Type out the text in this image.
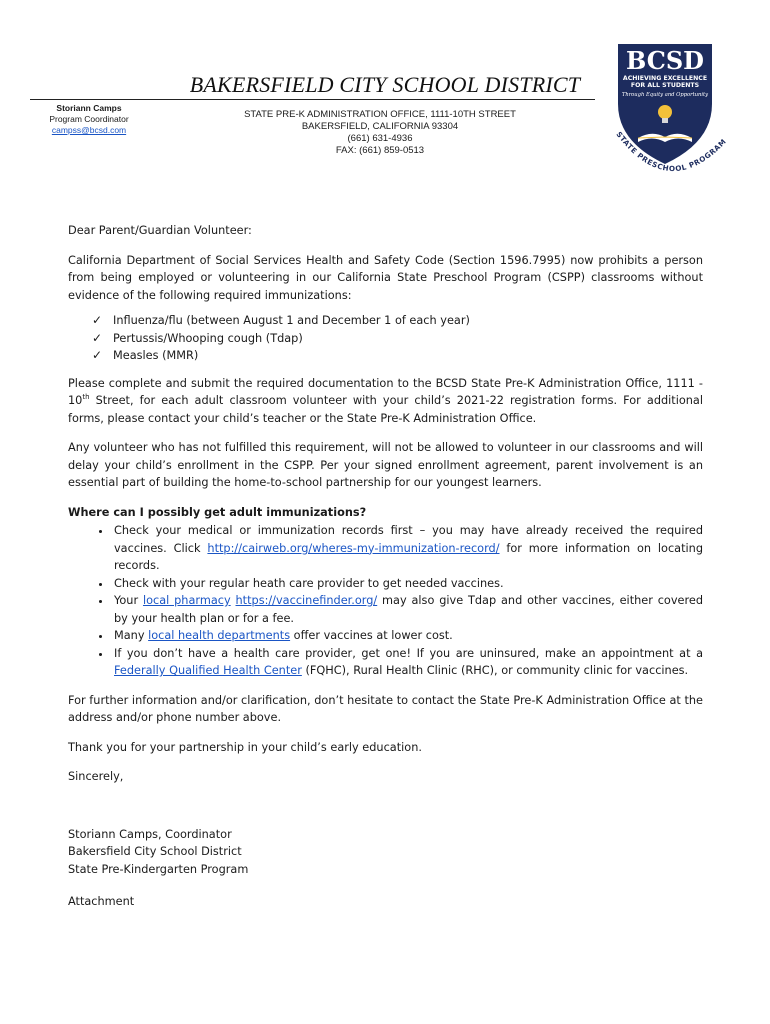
BAKERSFIELD CITY SCHOOL DISTRICT
Storiann Camps
Program Coordinator
campss@bcsd.com
STATE PRE-K ADMINISTRATION OFFICE, 1111-10TH STREET
BAKERSFIELD, CALIFORNIA 93304
(661) 631-4936
FAX: (661) 859-0513
BCSD
ACHIEVING EXCELLENCE
FOR ALL STUDENTS
Through Equity and Opportunity
STATE PRESCHOOL PROGRAM

Dear Parent/Guardian Volunteer:

California Department of Social Services Health and Safety Code (Section 1596.7995) now prohibits a person from being employed or volunteering in our California State Preschool Program (CSPP) classrooms without evidence of the following required immunizations:

✓ Influenza/flu (between August 1 and December 1 of each year)
✓ Pertussis/Whooping cough (Tdap)
✓ Measles (MMR)

Please complete and submit the required documentation to the BCSD State Pre-K Administration Office, 1111 - 10th Street, for each adult classroom volunteer with your child’s 2021-22 registration forms. For additional forms, please contact your child’s teacher or the State Pre-K Administration Office.

Any volunteer who has not fulfilled this requirement, will not be allowed to volunteer in our classrooms and will delay your child’s enrollment in the CSPP. Per your signed enrollment agreement, parent involvement is an essential part of building the home-to-school partnership for our youngest learners.

Where can I possibly get adult immunizations?

• Check your medical or immunization records first – you may have already received the required vaccines. Click http://cairweb.org/wheres-my-immunization-record/ for more information on locating records.
• Check with your regular heath care provider to get needed vaccines.
• Your local pharmacy https://vaccinefinder.org/ may also give Tdap and other vaccines, either covered by your health plan or for a fee.
• Many local health departments offer vaccines at lower cost.
• If you don’t have a health care provider, get one! If you are uninsured, make an appointment at a Federally Qualified Health Center (FQHC), Rural Health Clinic (RHC), or community clinic for vaccines.

For further information and/or clarification, don’t hesitate to contact the State Pre-K Administration Office at the address and/or phone number above.

Thank you for your partnership in your child’s early education.

Sincerely,

Storiann Camps, Coordinator

Bakersfield City School District

State Pre-Kindergarten Program

Attachment
